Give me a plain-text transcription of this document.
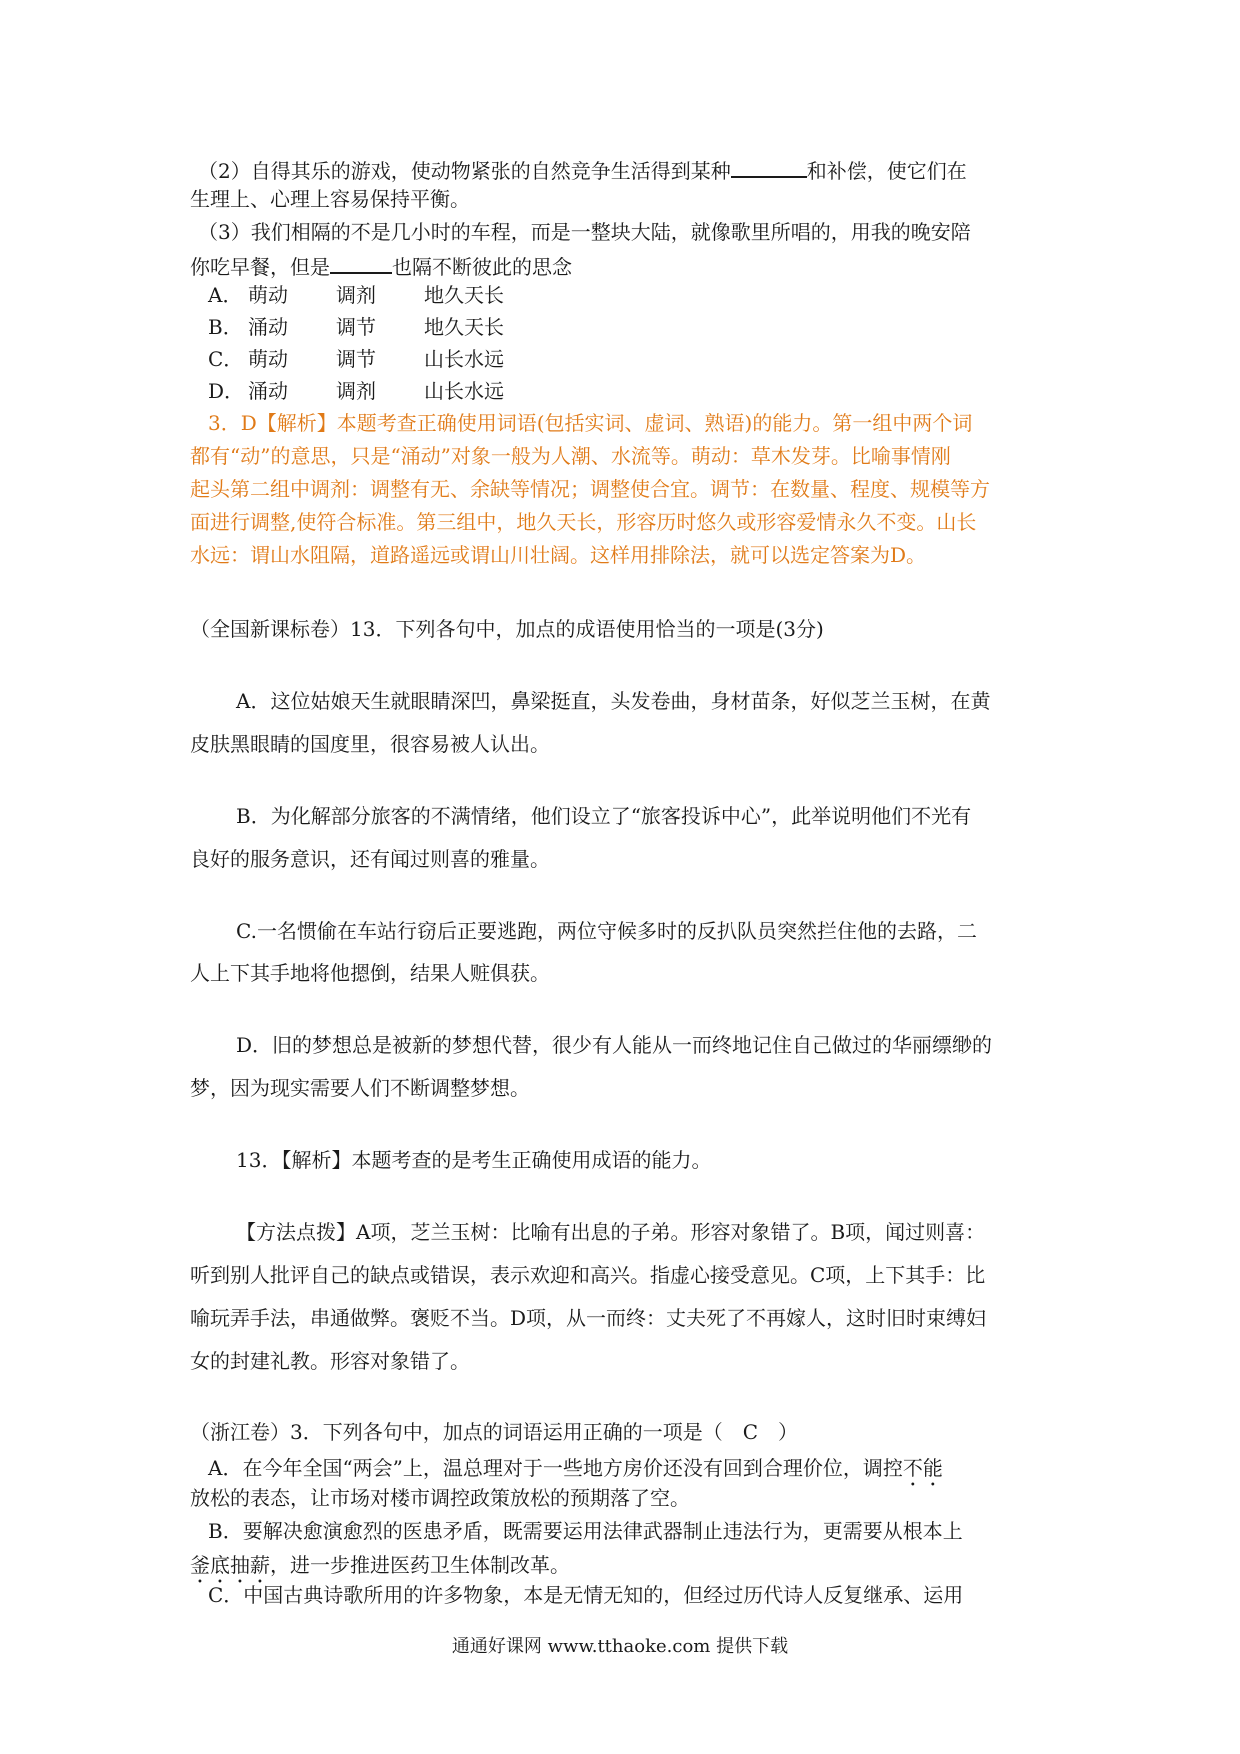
（2）自得其乐的游戏，使动物紧张的自然竞争生活得到某种	和补偿，使它们在
生理上、心理上容易保持平衡。
（3）我们相隔的不是几小时的车程，而是一整块大陆，就像歌里所唱的，用我的晚安陪
你吃早餐，但是	也隔不断彼此的思念
A． 萌动 调剂 地久天长
B． 涌动 调节 地久天长
C． 萌动 调节 山长水远
D． 涌动 调剂 山长水远
3．D【解析】本题考查正确使用词语(包括实词、虚词、熟语)的能力。第一组中两个词
都有“动”的意思，只是“涌动”对象一般为人潮、水流等。萌动：草木发芽。比喻事情刚
起头第二组中调剂：调整有无、余缺等情况；调整使合宜。调节：在数量、程度、规模等方
面进行调整,使符合标准。第三组中，地久天长，形容历时悠久或形容爱情永久不变。山长
水远：谓山水阻隔，道路遥远或谓山川壮阔。这样用排除法，就可以选定答案为D。
（全国新课标卷）13．下列各句中，加点的成语使用恰当的一项是(3分)
A．这位姑娘天生就眼睛深凹，鼻梁挺直，头发卷曲，身材苗条，好似芝兰玉树，在黄
皮肤黑眼睛的国度里，很容易被人认出。
B．为化解部分旅客的不满情绪，他们设立了“旅客投诉中心”，此举说明他们不光有
良好的服务意识，还有闻过则喜的雅量。
C.一名惯偷在车站行窃后正要逃跑，两位守候多时的反扒队员突然拦住他的去路，二
人上下其手地将他摁倒，结果人赃俱获。
D．旧的梦想总是被新的梦想代替，很少有人能从一而终地记住自己做过的华丽缥缈的
梦，因为现实需要人们不断调整梦想。
13．【解析】本题考查的是考生正确使用成语的能力。
【方法点拨】A项，芝兰玉树：比喻有出息的子弟。形容对象错了。B项，闻过则喜：
听到别人批评自己的缺点或错误，表示欢迎和高兴。指虚心接受意见。C项，上下其手：比
喻玩弄手法，串通做弊。褒贬不当。D项，从一而终：丈夫死了不再嫁人，这时旧时束缚妇
女的封建礼教。形容对象错了。
（浙江卷）3．下列各句中，加点的词语运用正确的一项是（　C　）
A．在今年全国“两会”上，温总理对于一些地方房价还没有回到合理价位，调控不能
放松的表态，让市场对楼市调控政策放松的预期落了空。
B．要解决愈演愈烈的医患矛盾，既需要运用法律武器制止违法行为，更需要从根本上
釜底抽薪，进一步推进医药卫生体制改革。
C．中国古典诗歌所用的许多物象，本是无情无知的，但经过历代诗人反复继承、运用
通通好课网 www.tthaoke.com 提供下载
